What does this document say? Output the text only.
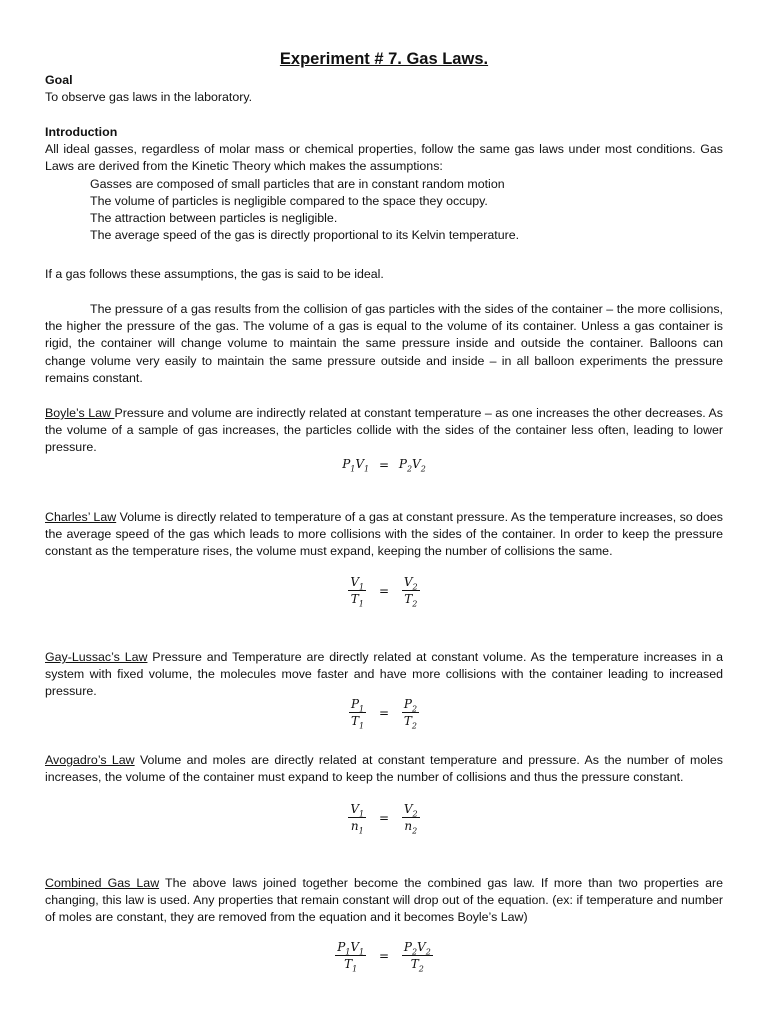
Experiment # 7. Gas Laws.
Goal
To observe gas laws in the laboratory.
Introduction
All ideal gasses, regardless of molar mass or chemical properties, follow the same gas laws under most conditions. Gas Laws are derived from the Kinetic Theory which makes the assumptions:
Gasses are composed of small particles that are in constant random motion
The volume of particles is negligible compared to the space they occupy.
The attraction between particles is negligible.
The average speed of the gas is directly proportional to its Kelvin temperature.
If a gas follows these assumptions, the gas is said to be ideal.
The pressure of a gas results from the collision of gas particles with the sides of the container – the more collisions, the higher the pressure of the gas. The volume of a gas is equal to the volume of its container. Unless a gas container is rigid, the container will change volume to maintain the same pressure inside and outside the container. Balloons can change volume very easily to maintain the same pressure outside and inside – in all balloon experiments the pressure remains constant.
Boyle’s Law Pressure and volume are indirectly related at constant temperature – as one increases the other decreases. As the volume of a sample of gas increases, the particles collide with the sides of the container less often, leading to lower pressure.
$P_1V_1 = P_2V_2$
Charles’ Law Volume is directly related to temperature of a gas at constant pressure. As the temperature increases, so does the average speed of the gas which leads to more collisions with the sides of the container. In order to keep the pressure constant as the temperature rises, the volume must expand, keeping the number of collisions the same.
$\frac{V_1}{T_1} = \frac{V_2}{T_2}$
Gay-Lussac’s Law Pressure and Temperature are directly related at constant volume. As the temperature increases in a system with fixed volume, the molecules move faster and have more collisions with the container leading to increased pressure.
$\frac{P_1}{T_1} = \frac{P_2}{T_2}$
Avogadro’s Law Volume and moles are directly related at constant temperature and pressure. As the number of moles increases, the volume of the container must expand to keep the number of collisions and thus the pressure constant.
$\frac{V_1}{n_1} = \frac{V_2}{n_2}$
Combined Gas Law The above laws joined together become the combined gas law. If more than two properties are changing, this law is used. Any properties that remain constant will drop out of the equation. (ex: if temperature and number of moles are constant, they are removed from the equation and it becomes Boyle’s Law)
$\frac{P_1V_1}{T_1} = \frac{P_2V_2}{T_2}$
